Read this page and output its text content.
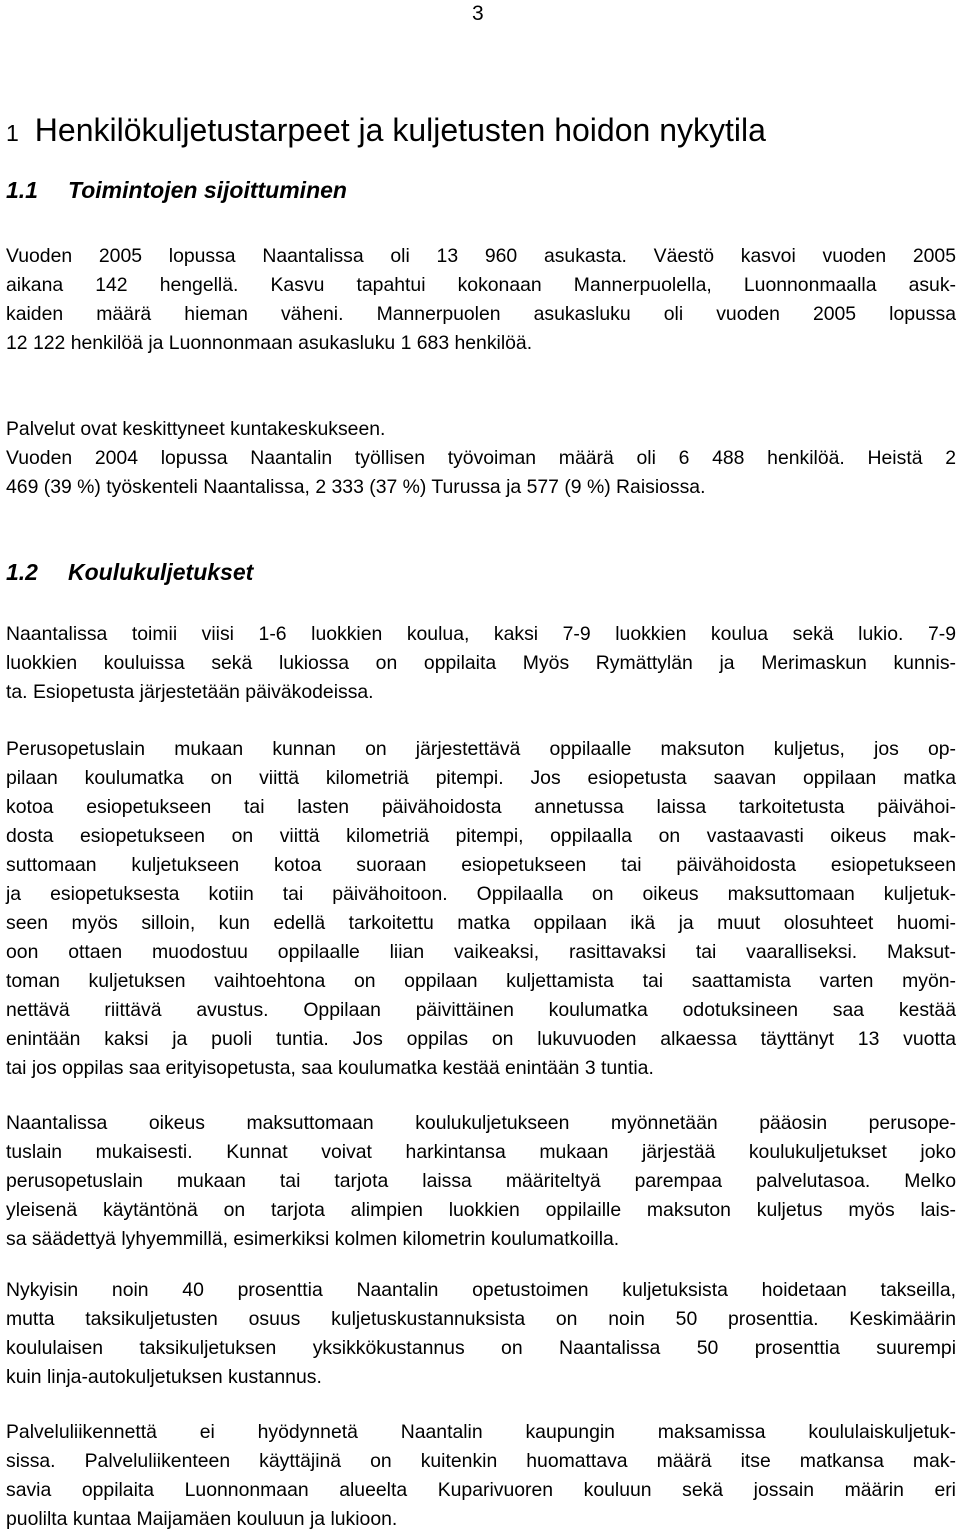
3
1 Henkilökuljetustarpeet ja kuljetusten hoidon nykytila
1.1 Toimintojen sijoittuminen
Vuoden 2005 lopussa Naantalissa oli 13 960 asukasta. Väestö kasvoi vuoden 2005
aikana 142 hengellä. Kasvu tapahtui kokonaan Mannerpuolella, Luonnonmaalla asuk-
kaiden määrä hieman väheni. Mannerpuolen asukasluku oli vuoden 2005 lopussa
12 122 henkilöä ja Luonnonmaan asukasluku 1 683 henkilöä.
Palvelut ovat keskittyneet kuntakeskukseen.
Vuoden 2004 lopussa Naantalin työllisen työvoiman määrä oli 6 488 henkilöä. Heistä 2
469 (39 %) työskenteli Naantalissa, 2 333 (37 %) Turussa ja 577 (9 %) Raisiossa.
1.2 Koulukuljetukset
Naantalissa toimii viisi 1-6 luokkien koulua, kaksi 7-9 luokkien koulua sekä lukio. 7-9
luokkien kouluissa sekä lukiossa on oppilaita Myös Rymättylän ja Merimaskun kunnis-
ta. Esiopetusta järjestetään päiväkodeissa.
Perusopetuslain mukaan kunnan on järjestettävä oppilaalle maksuton kuljetus, jos op-
pilaan koulumatka on viittä kilometriä pitempi. Jos esiopetusta saavan oppilaan matka
kotoa esiopetukseen tai lasten päivähoidosta annetussa laissa tarkoitetusta päivähoi-
dosta esiopetukseen on viittä kilometriä pitempi, oppilaalla on vastaavasti oikeus mak-
suttomaan kuljetukseen kotoa suoraan esiopetukseen tai päivähoidosta esiopetukseen
ja esiopetuksesta kotiin tai päivähoitoon. Oppilaalla on oikeus maksuttomaan kuljetuk-
seen myös silloin, kun edellä tarkoitettu matka oppilaan ikä ja muut olosuhteet huomi-
oon ottaen muodostuu oppilaalle liian vaikeaksi, rasittavaksi tai vaaralliseksi. Maksut-
toman kuljetuksen vaihtoehtona on oppilaan kuljettamista tai saattamista varten myön-
nettävä riittävä avustus. Oppilaan päivittäinen koulumatka odotuksineen saa kestää
enintään kaksi ja puoli tuntia. Jos oppilas on lukuvuoden alkaessa täyttänyt 13 vuotta
tai jos oppilas saa erityisopetusta, saa koulumatka kestää enintään 3 tuntia.
Naantalissa oikeus maksuttomaan koulukuljetukseen myönnetään pääosin perusope-
tuslain mukaisesti. Kunnat voivat harkintansa mukaan järjestää koulukuljetukset joko
perusopetuslain mukaan tai tarjota laissa määriteltyä parempaa palvelutasoa. Melko
yleisenä käytäntönä on tarjota alimpien luokkien oppilaille maksuton kuljetus myös lais-
sa säädettyä lyhyemmillä, esimerkiksi kolmen kilometrin koulumatkoilla.
Nykyisin noin 40 prosenttia Naantalin opetustoimen kuljetuksista hoidetaan takseilla,
mutta taksikuljetusten osuus kuljetuskustannuksista on noin 50 prosenttia. Keskimäärin
koululaisen taksikuljetuksen yksikkökustannus on Naantalissa 50 prosenttia suurempi
kuin linja-autokuljetuksen kustannus.
Palveluliikennettä ei hyödynnetä Naantalin kaupungin maksamissa koululaiskuljetuk-
sissa. Palveluliikenteen käyttäjinä on kuitenkin huomattava määrä itse matkansa mak-
savia oppilaita Luonnonmaan alueelta Kuparivuoren kouluun sekä jossain määrin eri
puolilta kuntaa Maijamäen kouluun ja lukioon.
